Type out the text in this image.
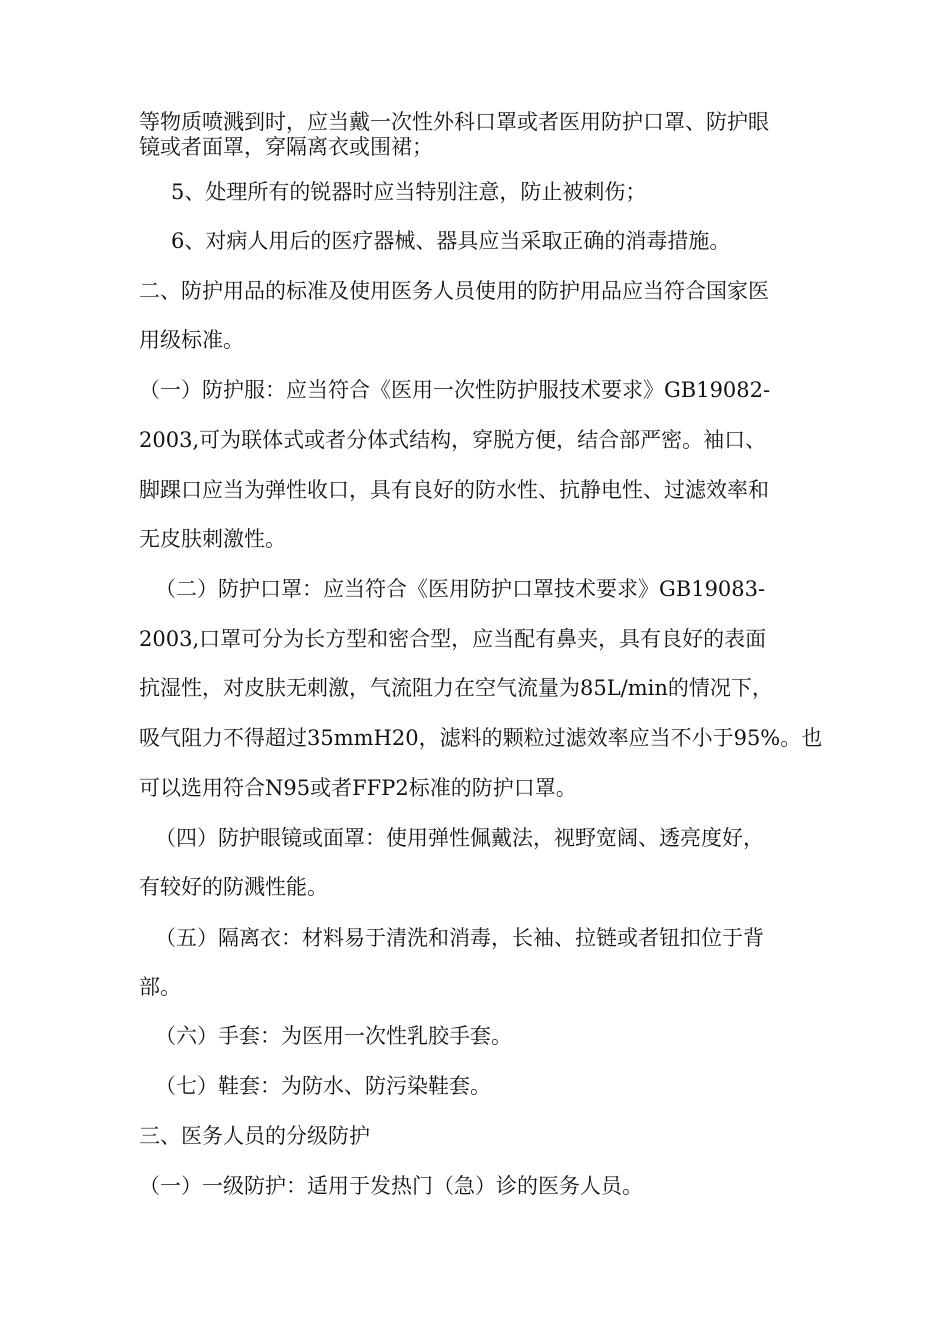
等物质喷溅到时，应当戴一次性外科口罩或者医用防护口罩、防护眼
镜或者面罩，穿隔离衣或围裙；
5、处理所有的锐器时应当特别注意，防止被刺伤；
6、对病人用后的医疗器械、器具应当采取正确的消毒措施。
二、防护用品的标准及使用医务人员使用的防护用品应当符合国家医
用级标准。
（一）防护服：应当符合《医用一次性防护服技术要求》GB19082-
2003,可为联体式或者分体式结构，穿脱方便，结合部严密。袖口、
脚踝口应当为弹性收口，具有良好的防水性、抗静电性、过滤效率和
无皮肤刺激性。
（二）防护口罩：应当符合《医用防护口罩技术要求》GB19083-
2003,口罩可分为长方型和密合型，应当配有鼻夹，具有良好的表面
抗湿性，对皮肤无刺激，气流阻力在空气流量为85L/min的情况下，
吸气阻力不得超过35mmH20，滤料的颗粒过滤效率应当不小于95%。也
可以选用符合N95或者FFP2标准的防护口罩。
（四）防护眼镜或面罩：使用弹性佩戴法，视野宽阔、透亮度好，
有较好的防溅性能。
（五）隔离衣：材料易于清洗和消毒，长袖、拉链或者钮扣位于背
部。
（六）手套：为医用一次性乳胶手套。
（七）鞋套：为防水、防污染鞋套。
三、医务人员的分级防护
（一）一级防护：适用于发热门（急）诊的医务人员。
